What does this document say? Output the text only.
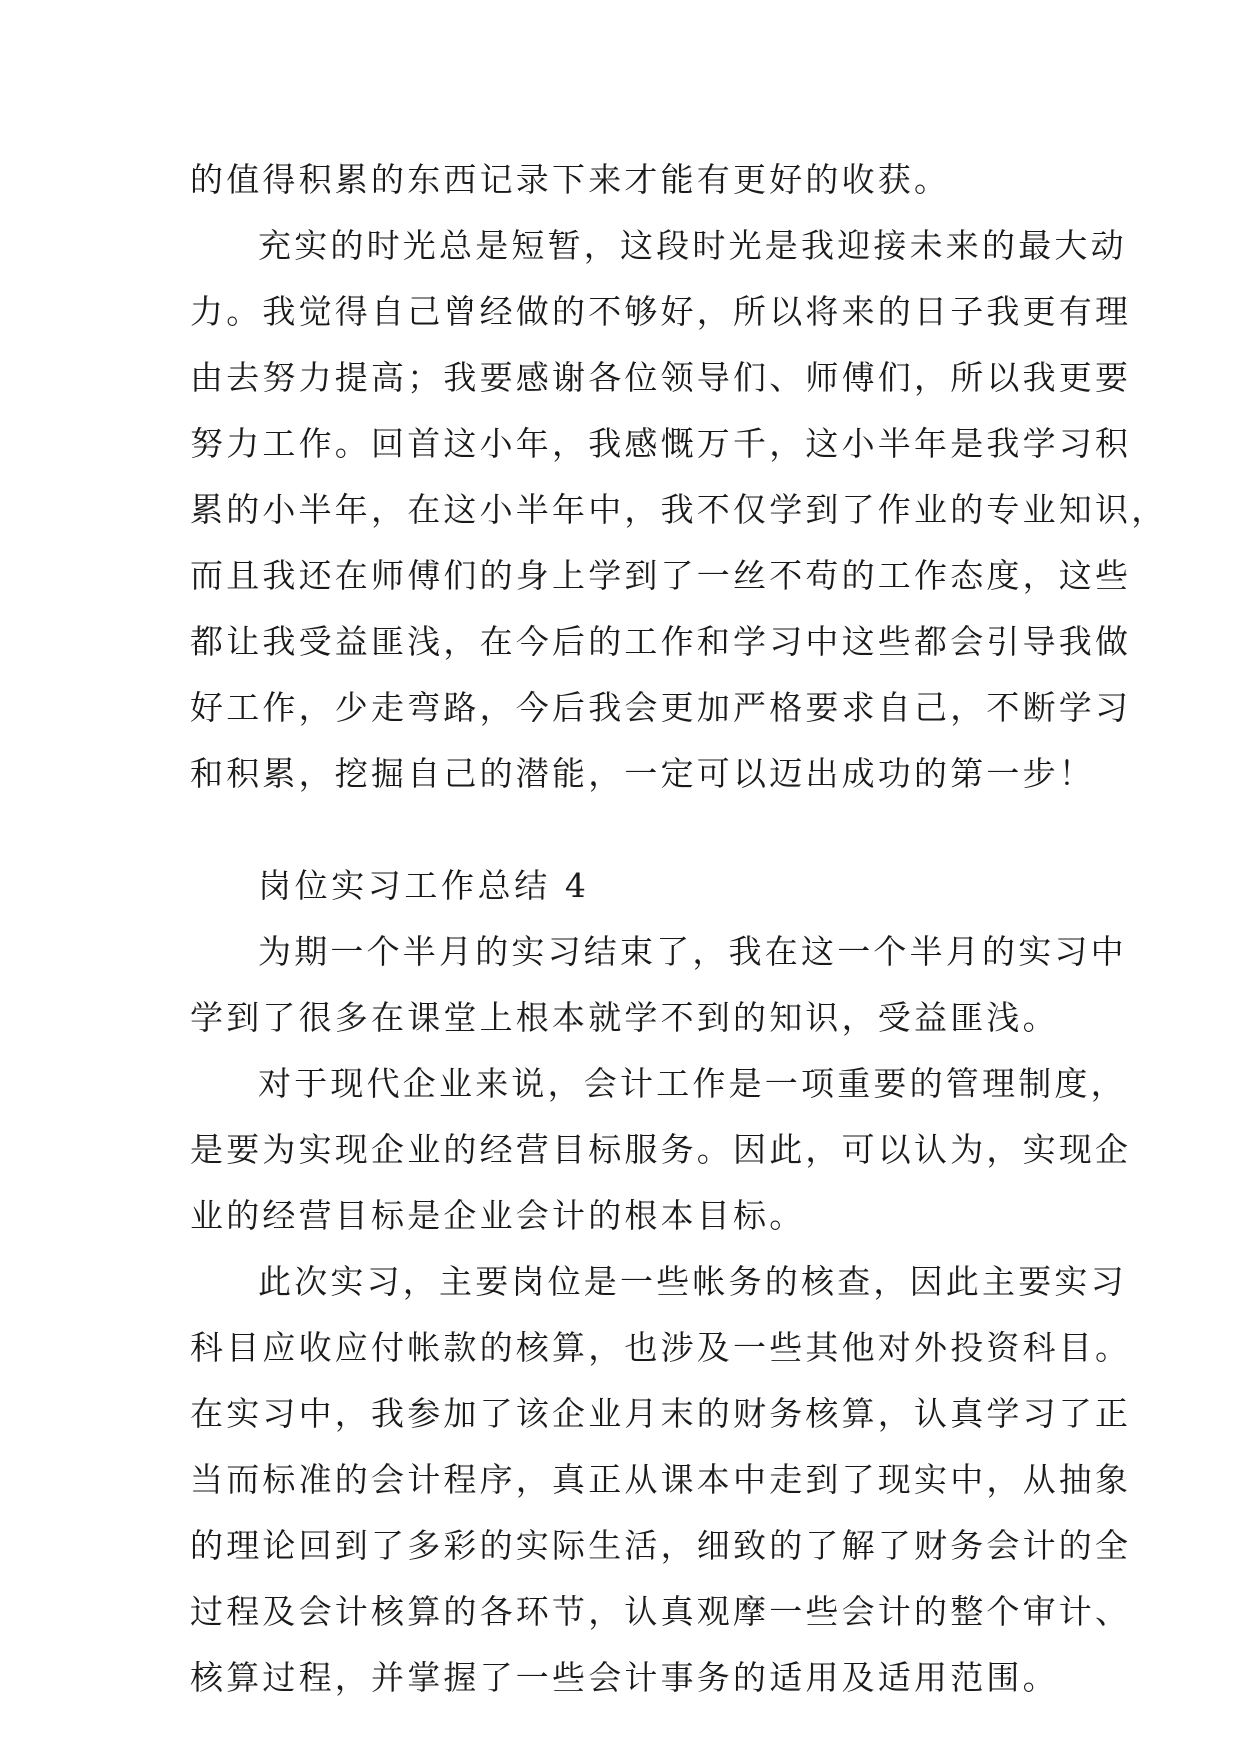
的值得积累的东西记录下来才能有更好的收获。
充实的时光总是短暂，这段时光是我迎接未来的最大动
力。我觉得自己曾经做的不够好，所以将来的日子我更有理
由去努力提高；我要感谢各位领导们、师傅们，所以我更要
努力工作。回首这小年，我感慨万千，这小半年是我学习积
累的小半年，在这小半年中，我不仅学到了作业的专业知识，
而且我还在师傅们的身上学到了一丝不苟的工作态度，这些
都让我受益匪浅，在今后的工作和学习中这些都会引导我做
好工作，少走弯路，今后我会更加严格要求自己，不断学习
和积累，挖掘自己的潜能，一定可以迈出成功的第一步！
岗位实习工作总结 4
为期一个半月的实习结束了，我在这一个半月的实习中
学到了很多在课堂上根本就学不到的知识，受益匪浅。
对于现代企业来说，会计工作是一项重要的管理制度，
是要为实现企业的经营目标服务。因此，可以认为，实现企
业的经营目标是企业会计的根本目标。
此次实习，主要岗位是一些帐务的核查，因此主要实习
科目应收应付帐款的核算，也涉及一些其他对外投资科目。
在实习中，我参加了该企业月末的财务核算，认真学习了正
当而标准的会计程序，真正从课本中走到了现实中，从抽象
的理论回到了多彩的实际生活，细致的了解了财务会计的全
过程及会计核算的各环节，认真观摩一些会计的整个审计、
核算过程，并掌握了一些会计事务的适用及适用范围。
